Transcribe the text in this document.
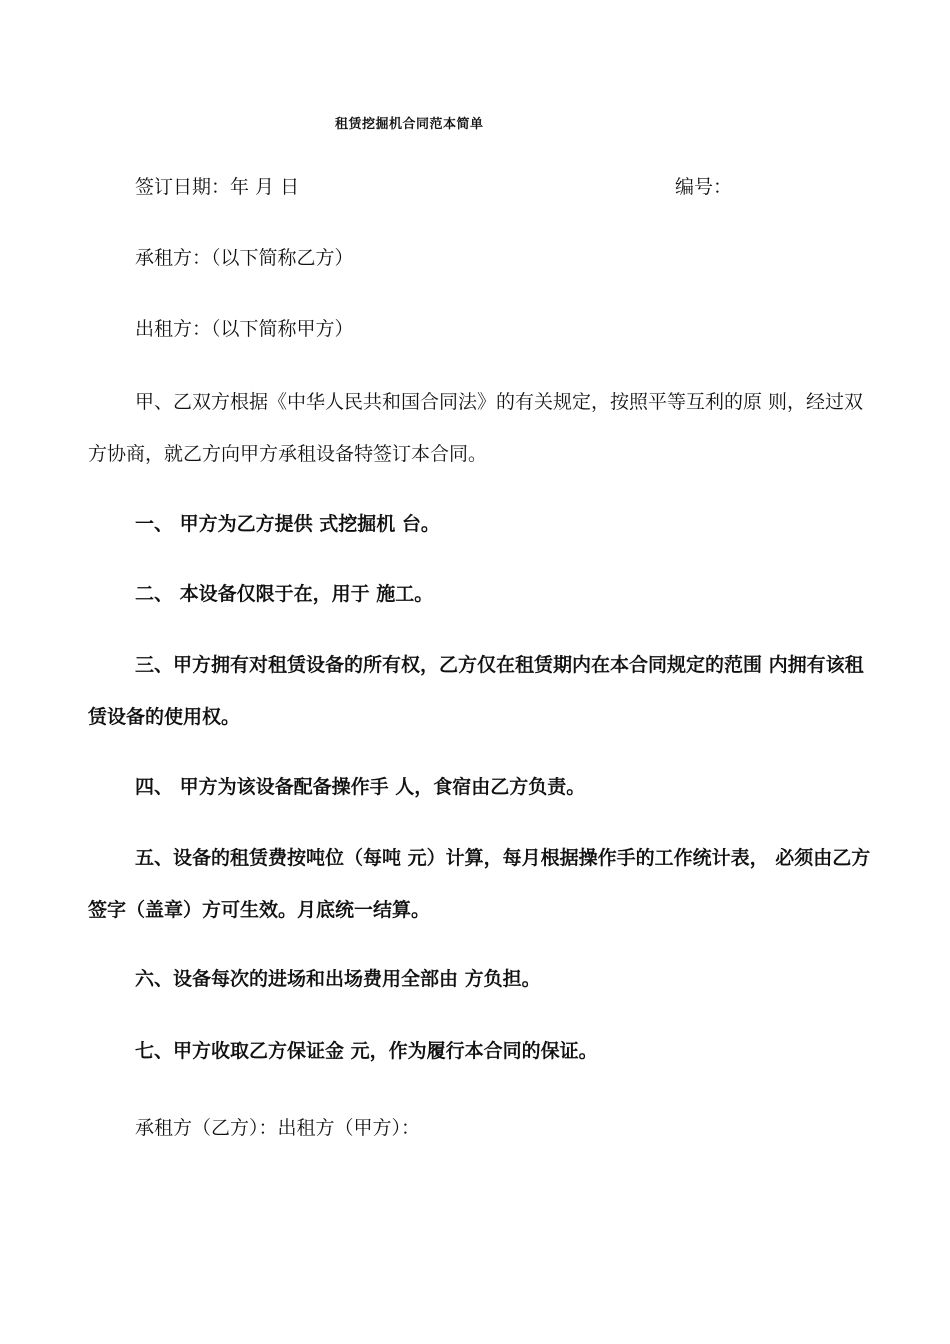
租赁挖掘机合同范本简单
签订日期：年 月 日	编号：
承租方：（以下简称乙方）
出租方：（以下简称甲方）
甲、乙双方根据《中华人民共和国合同法》的有关规定，按照平等互利的原 则，经过双方协商，就乙方向甲方承租设备特签订本合同。
一、 甲方为乙方提供 式挖掘机 台。
二、 本设备仅限于在，用于 施工。
三、甲方拥有对租赁设备的所有权，乙方仅在租赁期内在本合同规定的范围 内拥有该租赁设备的使用权。
四、 甲方为该设备配备操作手 人，食宿由乙方负责。
五、设备的租赁费按吨位（每吨 元）计算，每月根据操作手的工作统计表， 必须由乙方签字（盖章）方可生效。月底统一结算。
六、设备每次的进场和出场费用全部由 方负担。
七、甲方收取乙方保证金 元，作为履行本合同的保证。
承租方（乙方）：出租方（甲方）：
